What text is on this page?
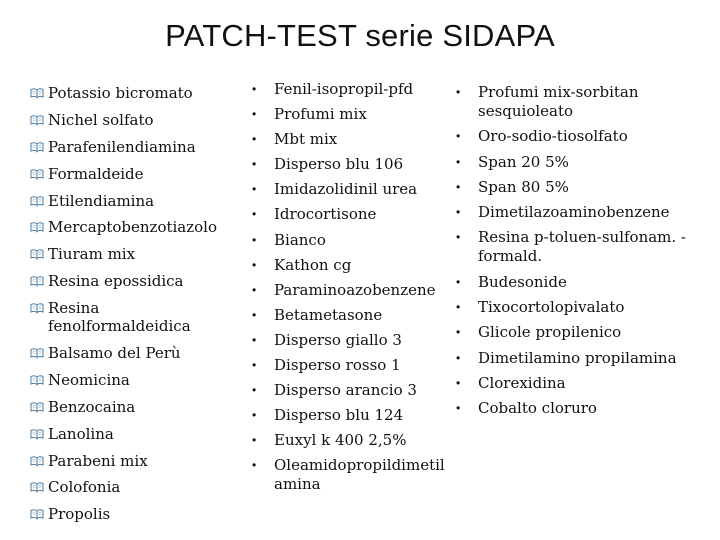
PATCH-TEST serie SIDAPA
Potassio bicromato
Nichel solfato
Parafenilendiamina
Formaldeide
Etilendiamina
Mercaptobenzotiazolo
Tiuram mix
Resina epossidica
Resina fenolformaldeidica
Balsamo del Perù
Neomicina
Benzocaina
Lanolina
Parabeni mix
Colofonia
Propolis
• Fenil-isopropil-pfd
• Profumi mix
• Mbt mix
• Disperso blu 106
• Imidazolidinil urea
• Idrocortisone
• Bianco
• Kathon cg
• Paraminoazobenzene
• Betametasone
• Disperso giallo 3
• Disperso rosso 1
• Disperso arancio 3
• Disperso blu 124
• Euxyl k 400 2,5%
• Oleamidopropildimetilamina
• Profumi mix-sorbitan sesquioleato
• Oro-sodio-tiosolfato
• Span 20 5%
• Span 80 5%
• Dimetilazoaminobenzene
• Resina p-toluen-sulfonam. -formald.
• Budesonide
• Tixocortolopivalato
• Glicole propilenico
• Dimetilamino propilamina
• Clorexidina
• Cobalto cloruro
